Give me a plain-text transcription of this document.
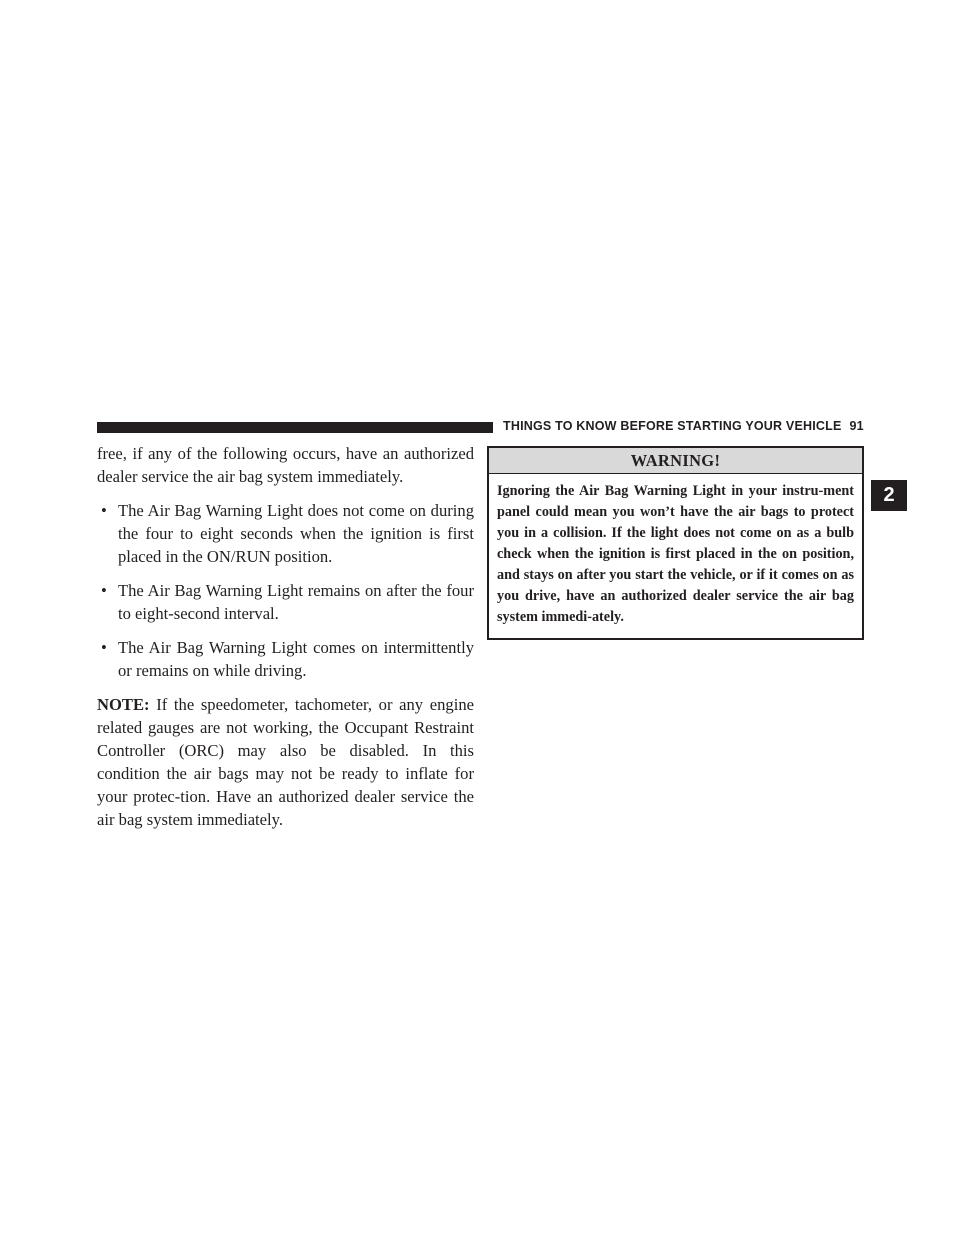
THINGS TO KNOW BEFORE STARTING YOUR VEHICLE 91
2

free, if any of the following occurs, have an authorized dealer service the air bag system immediately.

• The Air Bag Warning Light does not come on during the four to eight seconds when the ignition is first placed in the ON/RUN position.

• The Air Bag Warning Light remains on after the four to eight-second interval.

• The Air Bag Warning Light comes on intermittently or remains on while driving.

NOTE: If the speedometer, tachometer, or any engine related gauges are not working, the Occupant Restraint Controller (ORC) may also be disabled. In this condition the air bags may not be ready to inflate for your protec-tion. Have an authorized dealer service the air bag system immediately.

WARNING!

Ignoring the Air Bag Warning Light in your instru-ment panel could mean you won’t have the air bags to protect you in a collision. If the light does not come on as a bulb check when the ignition is first placed in the on position, and stays on after you start the vehicle, or if it comes on as you drive, have an authorized dealer service the air bag system immedi-ately.
